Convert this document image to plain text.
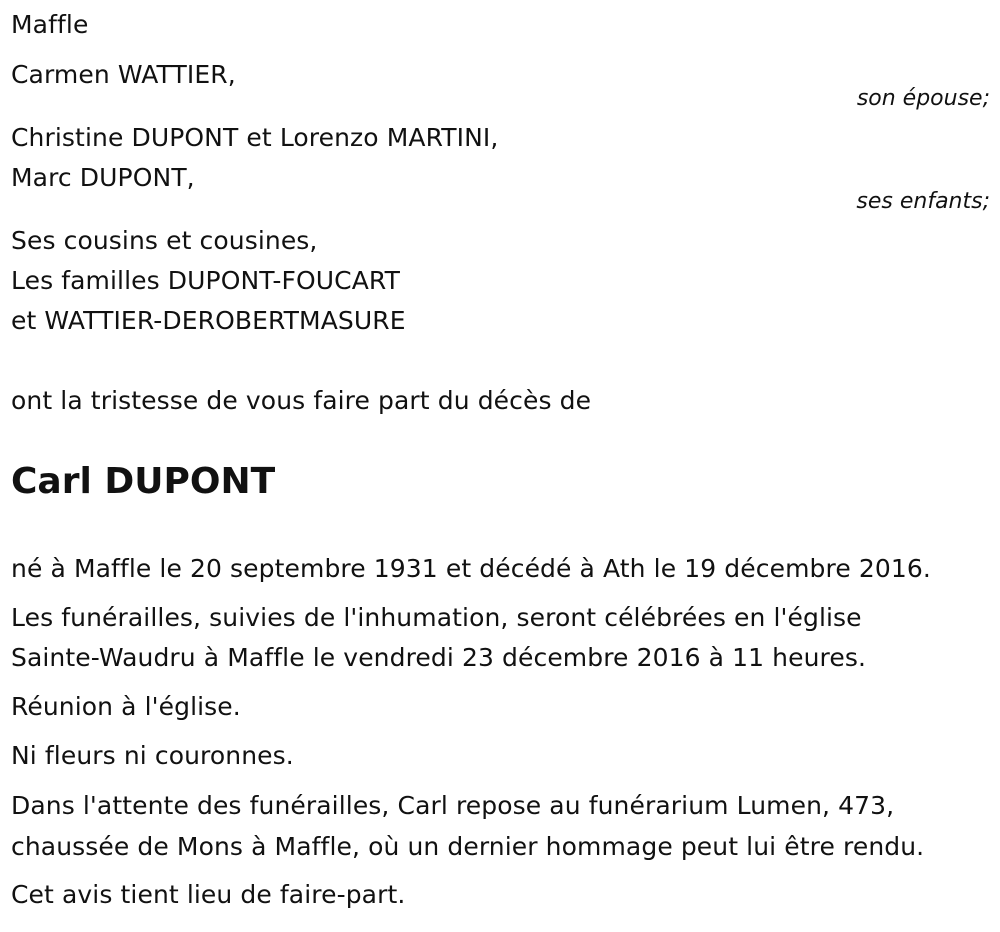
Maffle
Carmen WATTIER,
son épouse;
Christine DUPONT et Lorenzo MARTINI,
Marc DUPONT,
ses enfants;
Ses cousins et cousines,
Les familles DUPONT-FOUCART
et WATTIER-DEROBERTMASURE
ont la tristesse de vous faire part du décès de
Carl DUPONT
né à Maffle le 20 septembre 1931 et décédé à Ath le 19 décembre 2016.
Les funérailles, suivies de l'inhumation, seront célébrées en l'église
Sainte-Waudru à Maffle le vendredi 23 décembre 2016 à 11 heures.
Réunion à l'église.
Ni fleurs ni couronnes.
Dans l'attente des funérailles, Carl repose au funérarium Lumen, 473,
chaussée de Mons à Maffle, où un dernier hommage peut lui être rendu.
Cet avis tient lieu de faire-part.
